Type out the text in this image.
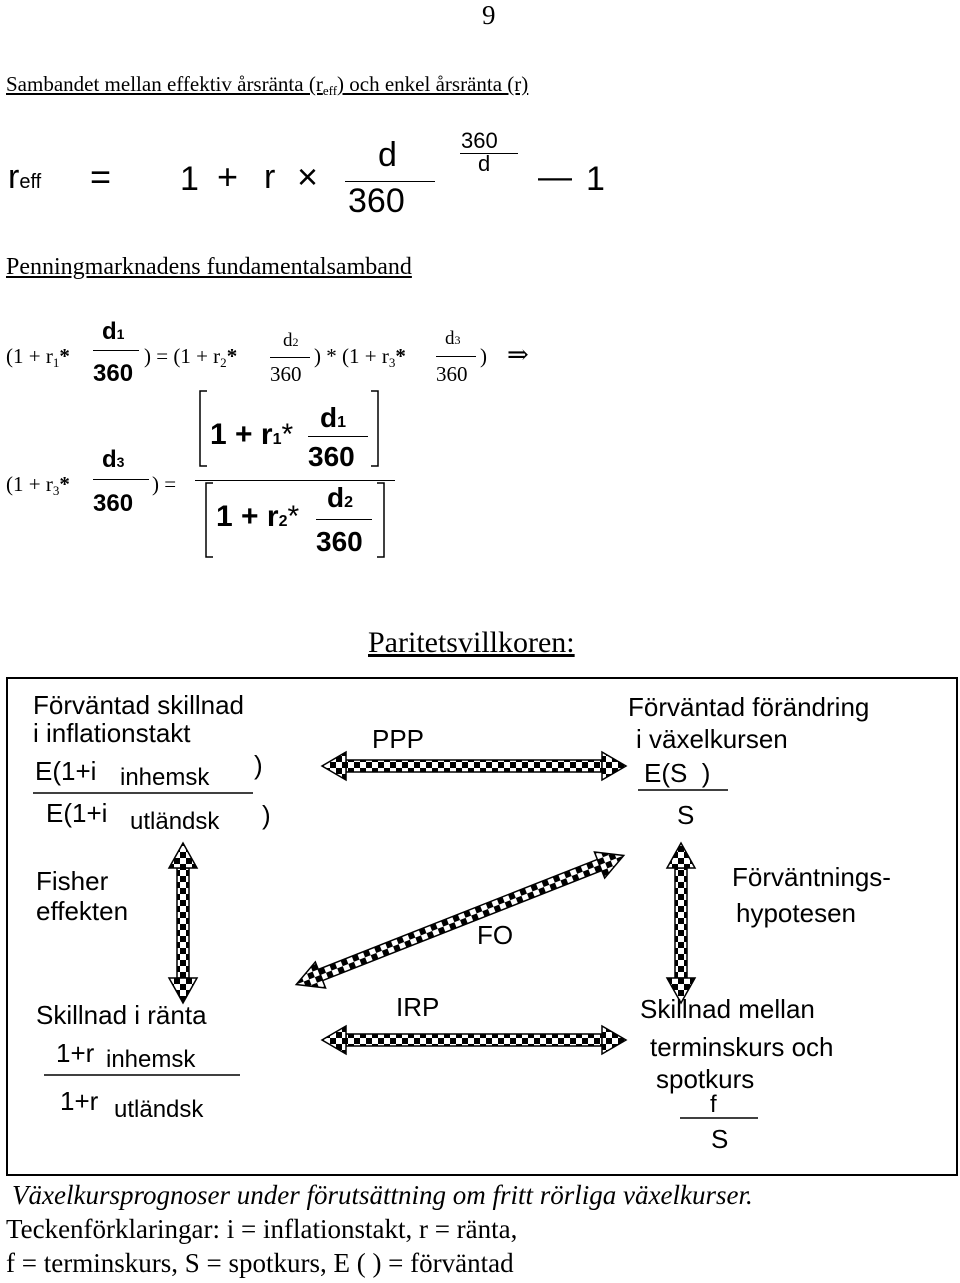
9
Sambandet mellan effektiv årsränta $(r_{eff})$ och enkel årsränta (r)
reff = 1 + r ×
d
360
360
d — 1
Penningmarknadens fundamentalsamband
($1 + r_1*$
d1
360
) = ($1 + r_2*$
d2
360
) * ($1 + r_3*$
d3
360
) ⇒
($1 + r_3*$
d3
360
) =
1 + r1*
d1
360
1 + r2*
d2
360
Paritetsvillkoren:
Förväntad skillnad
i inflationstakt
E(1+i inhemsk )
E(1+i utländsk )
PPP
Förväntad förändring
i växelkursen
E(S  )
S
Fisher
effekten
FO
Förväntnings-
hypotesen
Skillnad i ränta
1+r inhemsk
1+r utländsk
IRP	Skillnad mellan
terminskurs och
spotkurs
f
S
Växelkursprognoser under förutsättning om fritt rörliga växelkurser.
Teckenförklaringar: i = inflationstakt, r = ränta,
f = terminskurs, S = spotkurs, E ( ) = förväntad
